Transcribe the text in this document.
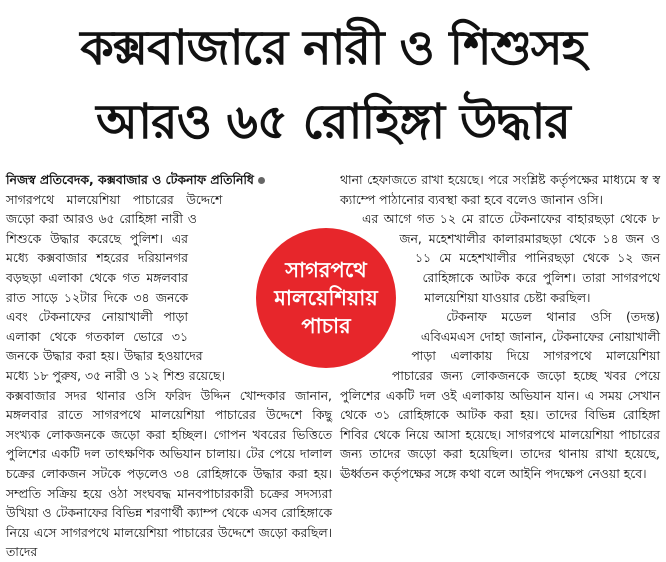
কক্সবাজারে নারী ও শিশুসহ
আরও ৬৫ রোহিঙ্গা উদ্ধার

নিজস্ব প্রতিবেদক, কক্সবাজার ও টেকনাফ প্রতিনিধি

সাগরপথে মালয়েশিয়া পাচারের উদ্দেশে জড়ো করা আরও ৬৫ রোহিঙ্গা নারী ও শিশুকে উদ্ধার করেছে পুলিশ। এর মধ্যে কক্সবাজার শহরের দরিয়ানগর বড়ছড়া এলাকা থেকে গত মঙ্গলবার রাত সাড়ে ১২টার দিকে ৩৪ জনকে এবং টেকনাফের নোয়াখালী পাড়া এলাকা থেকে গতকাল ভোরে ৩১ জনকে উদ্ধার করা হয়। উদ্ধার হওয়াদের মধ্যে ১৮ পুরুষ, ৩৫ নারী ও ১২ শিশু রয়েছে।

কক্সবাজার সদর থানার ওসি ফরিদ উদ্দিন খোন্দকার জানান, মঙ্গলবার রাতে সাগরপথে মালয়েশিয়া পাচারের উদ্দেশে কিছু সংখ্যক লোকজনকে জড়ো করা হচ্ছিল। গোপন খবরের ভিত্তিতে পুলিশের একটি দল তাৎক্ষণিক অভিযান চালায়। টের পেয়ে দালাল চক্রের লোকজন সটকে পড়লেও ৩৪ রোহিঙ্গাকে উদ্ধার করা হয়। সম্প্রতি সক্রিয় হয়ে ওঠা সংঘবদ্ধ মানবপাচারকারী চক্রের সদস্যরা উখিয়া ও টেকনাফের বিভিন্ন শরণার্থী ক্যাম্প থেকে এসব রোহিঙ্গাকে নিয়ে এসে সাগরপথে মালয়েশিয়া পাচারের উদ্দেশে জড়ো করছিল। তাদের

থানা হেফাজতে রাখা হয়েছে। পরে সংশ্লিষ্ট কর্তৃপক্ষের মাধ্যমে স্ব স্ব ক্যাম্পে পাঠানোর ব্যবস্থা করা হবে বলেও জানান ওসি।

এর আগে গত ১২ মে রাতে টেকনাফের বাহারছড়া থেকে ৮ জন, মহেশখালীর কালারমারছড়া থেকে ১৪ জন ও ১১ মে মহেশখালীর পানিরছড়া থেকে ১২ জন রোহিঙ্গাকে আটক করে পুলিশ। তারা সাগরপথে মালয়েশিয়া যাওয়ার চেষ্টা করছিল।

টেকনাফ মডেল থানার ওসি (তদন্ত) এবিএমএস দোহা জানান, টেকনাফের নোয়াখালী পাড়া এলাকায় দিয়ে সাগরপথে মালয়েশিয়া পাচারের জন্য লোকজনকে জড়ো হচ্ছে খবর পেয়ে পুলিশের একটি দল ওই এলাকায় অভিযান যান। এ সময় সেখান থেকে ৩১ রোহিঙ্গাকে আটক করা হয়। তাদের বিভিন্ন রোহিঙ্গা শিবির থেকে নিয়ে আসা হয়েছে। সাগরপথে মালয়েশিয়া পাচারের জন্য তাদের জড়ো করা হয়েছিল। তাদের থানায় রাখা হয়েছে, ঊর্ধ্বতন কর্তৃপক্ষের সঙ্গে কথা বলে আইনি পদক্ষেপ নেওয়া হবে।

সাগরপথে
মালয়েশিয়ায়
পাচার
